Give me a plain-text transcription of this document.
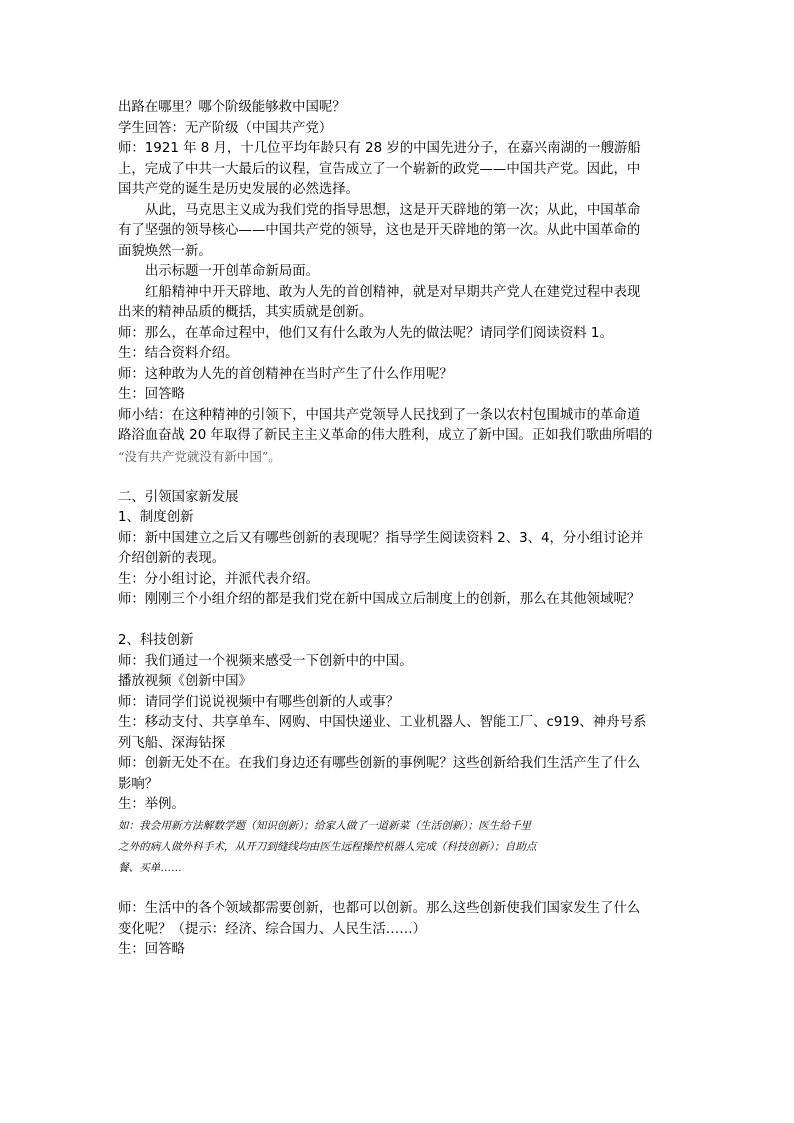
出路在哪里？哪个阶级能够救中国呢？
学生回答：无产阶级（中国共产党）
师：1921 年 8 月，十几位平均年龄只有 28 岁的中国先进分子，在嘉兴南湖的一艘游船
上，完成了中共一大最后的议程，宣告成立了一个崭新的政党——中国共产党。因此，中
国共产党的诞生是历史发展的必然选择。
从此，马克思主义成为我们党的指导思想，这是开天辟地的第一次；从此，中国革命
有了坚强的领导核心——中国共产党的领导，这也是开天辟地的第一次。从此中国革命的
面貌焕然一新。
出示标题一开创革命新局面。
红船精神中开天辟地、敢为人先的首创精神，就是对早期共产党人在建党过程中表现
出来的精神品质的概括，其实质就是创新。
师：那么，在革命过程中，他们又有什么敢为人先的做法呢？请同学们阅读资料 1。
生：结合资料介绍。
师：这种敢为人先的首创精神在当时产生了什么作用呢？
生：回答略
师小结：在这种精神的引领下，中国共产党领导人民找到了一条以农村包围城市的革命道
路浴血奋战 20 年取得了新民主主义革命的伟大胜利，成立了新中国。正如我们歌曲所唱的
“没有共产党就没有新中国”。
二、引领国家新发展
1、制度创新
师：新中国建立之后又有哪些创新的表现呢？指导学生阅读资料 2、3、4，分小组讨论并
介绍创新的表现。
生：分小组讨论，并派代表介绍。
师：刚刚三个小组介绍的都是我们党在新中国成立后制度上的创新，那么在其他领域呢？
2、科技创新
师：我们通过一个视频来感受一下创新中的中国。
播放视频《创新中国》
师：请同学们说说视频中有哪些创新的人或事？
生：移动支付、共享单车、网购、中国快递业、工业机器人、智能工厂、c919、神舟号系
列飞船、深海钻探
师：创新无处不在。在我们身边还有哪些创新的事例呢？这些创新给我们生活产生了什么
影响？
生：举例。
如：我会用新方法解数学题（知识创新）；给家人做了一道新菜（生活创新）；医生给千里
之外的病人做外科手术，从开刀到缝线均由医生远程操控机器人完成（科技创新）；自助点
餐、买单……
师：生活中的各个领域都需要创新，也都可以创新。那么这些创新使我们国家发生了什么
变化呢？（提示：经济、综合国力、人民生活……）
生：回答略
